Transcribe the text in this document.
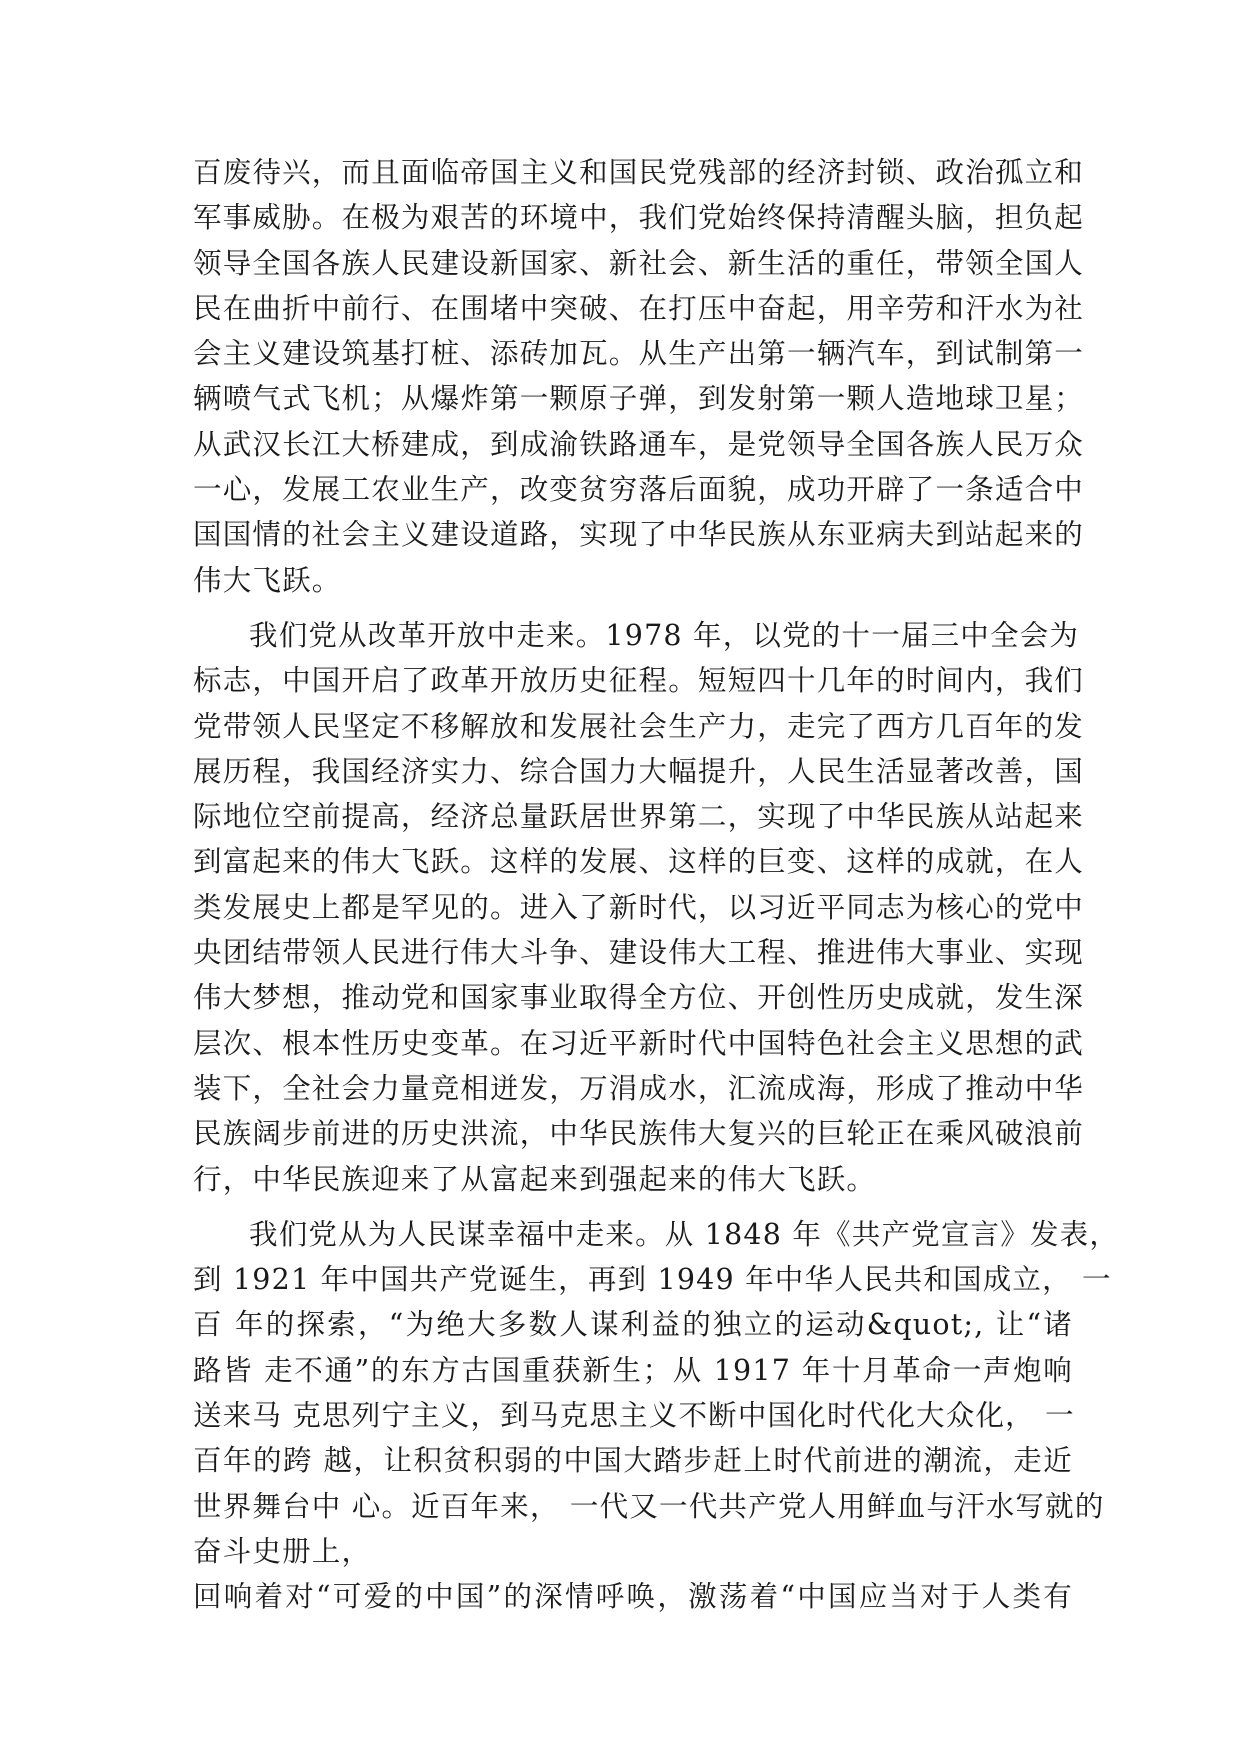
百废待兴，而且面临帝国主义和国民党残部的经济封锁、政治孤立和
军事威胁。在极为艰苦的环境中，我们党始终保持清醒头脑，担负起
领导全国各族人民建设新国家、新社会、新生活的重任，带领全国人
民在曲折中前行、在围堵中突破、在打压中奋起，用辛劳和汗水为社
会主义建设筑基打桩、添砖加瓦。从生产出第一辆汽车，到试制第一
辆喷气式飞机；从爆炸第一颗原子弹，到发射第一颗人造地球卫星；
从武汉长江大桥建成，到成渝铁路通车，是党领导全国各族人民万众
一心，发展工农业生产，改变贫穷落后面貌，成功开辟了一条适合中
国国情的社会主义建设道路，实现了中华民族从东亚病夫到站起来的
伟大飞跃。
我们党从改革开放中走来。1978 年，以党的十一届三中全会为
标志，中国开启了政革开放历史征程。短短四十几年的时间内，我们
党带领人民坚定不移解放和发展社会生产力，走完了西方几百年的发
展历程，我国经济实力、综合国力大幅提升，人民生活显著改善，国
际地位空前提高，经济总量跃居世界第二，实现了中华民族从站起来
到富起来的伟大飞跃。这样的发展、这样的巨变、这样的成就，在人
类发展史上都是罕见的。进入了新时代，以习近平同志为核心的党中
央团结带领人民进行伟大斗争、建设伟大工程、推进伟大事业、实现
伟大梦想，推动党和国家事业取得全方位、开创性历史成就，发生深
层次、根本性历史变革。在习近平新时代中国特色社会主义思想的武
装下，全社会力量竞相迸发，万涓成水，汇流成海，形成了推动中华
民族阔步前进的历史洪流，中华民族伟大复兴的巨轮正在乘风破浪前
行，中华民族迎来了从富起来到强起来的伟大飞跃。
我们党从为人民谋幸福中走来。从 1848 年《共产党宣言》发表，
到 1921 年中国共产党诞生，再到 1949 年中华人民共和国成立， 一
百 年的探索，“为绝大多数人谋利益的独立的运动&quot;, 让“诸
路皆 走不通”的东方古国重获新生；从 1917 年十月革命一声炮响
送来马 克思列宁主义，到马克思主义不断中国化时代化大众化， 一
百年的跨 越，让积贫积弱的中国大踏步赶上时代前进的潮流，走近
世界舞台中 心。近百年来， 一代又一代共产党人用鲜血与汗水写就的
奋斗史册上，
回响着对“可爱的中国”的深情呼唤，激荡着“中国应当对于人类有
